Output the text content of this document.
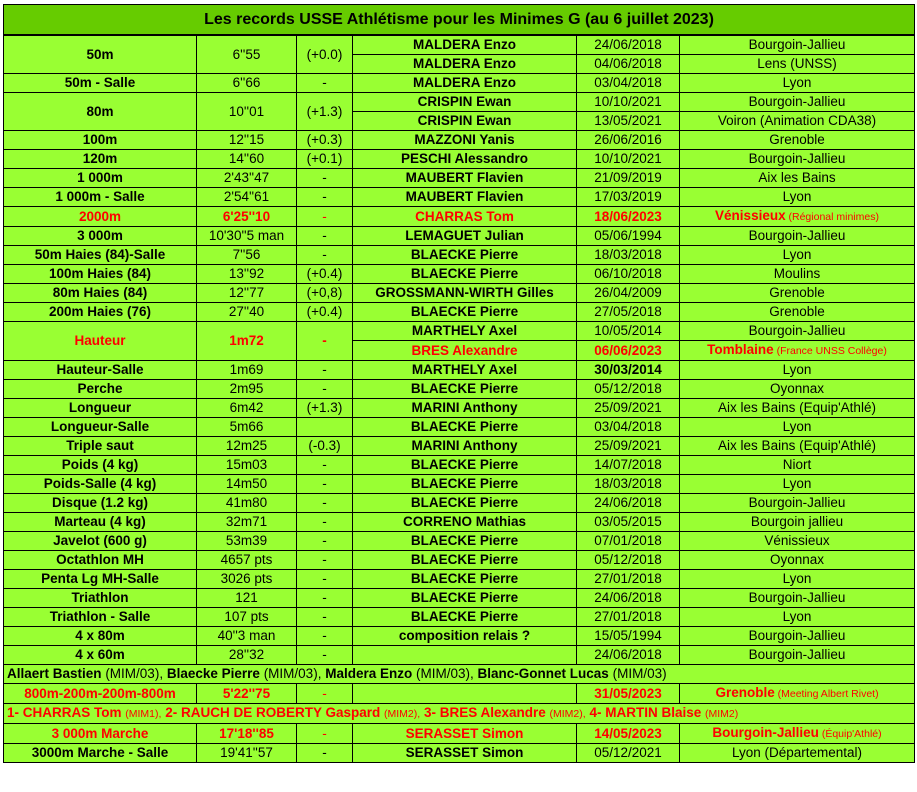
Les records USSE Athlétisme pour les Minimes G (au 6 juillet 2023)					
50m	6''55	(+0.0)	MALDERA Enzo	24/06/2018	Bourgoin-Jallieu
			MALDERA Enzo	04/06/2018	Lens (UNSS)
50m - Salle	6''66	-	MALDERA Enzo	03/04/2018	Lyon
80m	10''01	(+1.3)	CRISPIN Ewan	10/10/2021	Bourgoin-Jallieu
			CRISPIN Ewan	13/05/2021	Voiron (Animation CDA38)
100m	12''15	(+0.3)	MAZZONI Yanis	26/06/2016	Grenoble
120m	14''60	(+0.1)	PESCHI Alessandro	10/10/2021	Bourgoin-Jallieu
1 000m	2'43''47	-	MAUBERT Flavien	21/09/2019	Aix les Bains
1 000m - Salle	2'54''61	-	MAUBERT Flavien	17/03/2019	Lyon
2000m	6'25''10	-	CHARRAS Tom	18/06/2023	Vénissieux (Régional minimes)
3 000m	10'30''5 man	-	LEMAGUET Julian	05/06/1994	Bourgoin-Jallieu
50m Haies (84)-Salle	7''56	-	BLAECKE Pierre	18/03/2018	Lyon
100m Haies (84)	13''92	(+0.4)	BLAECKE Pierre	06/10/2018	Moulins
80m Haies (84)	12''77	(+0,8)	GROSSMANN-WIRTH Gilles	26/04/2009	Grenoble
200m Haies (76)	27''40	(+0.4)	BLAECKE Pierre	27/05/2018	Grenoble
Hauteur	1m72	-	MARTHELY Axel	10/05/2014	Bourgoin-Jallieu
			BRES Alexandre	06/06/2023	Tomblaine (France UNSS Collège)
Hauteur-Salle	1m69	-	MARTHELY Axel	30/03/2014	Lyon
Perche	2m95	-	BLAECKE Pierre	05/12/2018	Oyonnax
Longueur	6m42	(+1.3)	MARINI Anthony	25/09/2021	Aix les Bains (Equip'Athlé)
Longueur-Salle	5m66		BLAECKE Pierre	03/04/2018	Lyon
Triple saut	12m25	(-0.3)	MARINI Anthony	25/09/2021	Aix les Bains (Equip'Athlé)
Poids (4 kg)	15m03	-	BLAECKE Pierre	14/07/2018	Niort
Poids-Salle (4 kg)	14m50	-	BLAECKE Pierre	18/03/2018	Lyon
Disque (1.2 kg)	41m80	-	BLAECKE Pierre	24/06/2018	Bourgoin-Jallieu
Marteau (4 kg)	32m71	-	CORRENO Mathias	03/05/2015	Bourgoin jallieu
Javelot (600 g)	53m39	-	BLAECKE Pierre	07/01/2018	Vénissieux
Octathlon MH	4657 pts	-	BLAECKE Pierre	05/12/2018	Oyonnax
Penta Lg MH-Salle	3026 pts	-	BLAECKE Pierre	27/01/2018	Lyon
Triathlon	121	-	BLAECKE Pierre	24/06/2018	Bourgoin-Jallieu
Triathlon - Salle	107 pts	-	BLAECKE Pierre	27/01/2018	Lyon
4 x 80m	40''3 man	-	composition relais ?	15/05/1994	Bourgoin-Jallieu
4 x 60m	28''32	-		24/06/2018	Bourgoin-Jallieu
Allaert Bastien (MIM/03), Blaecke Pierre (MIM/03), Maldera Enzo (MIM/03), Blanc-Gonnet Lucas (MIM/03)					
800m-200m-200m-800m	5'22''75	-		31/05/2023	Grenoble (Meeting Albert Rivet)
1- CHARRAS Tom (MIM1), 2- RAUCH DE ROBERTY Gaspard (MIM2), 3- BRES Alexandre (MIM2), 4- MARTIN Blaise (MIM2)					
3 000m Marche	17'18''85	-	SERASSET Simon	14/05/2023	Bourgoin-Jallieu (Équip'Athlé)
3000m Marche - Salle	19'41''57	-	SERASSET Simon	05/12/2021	Lyon (Départemental)
